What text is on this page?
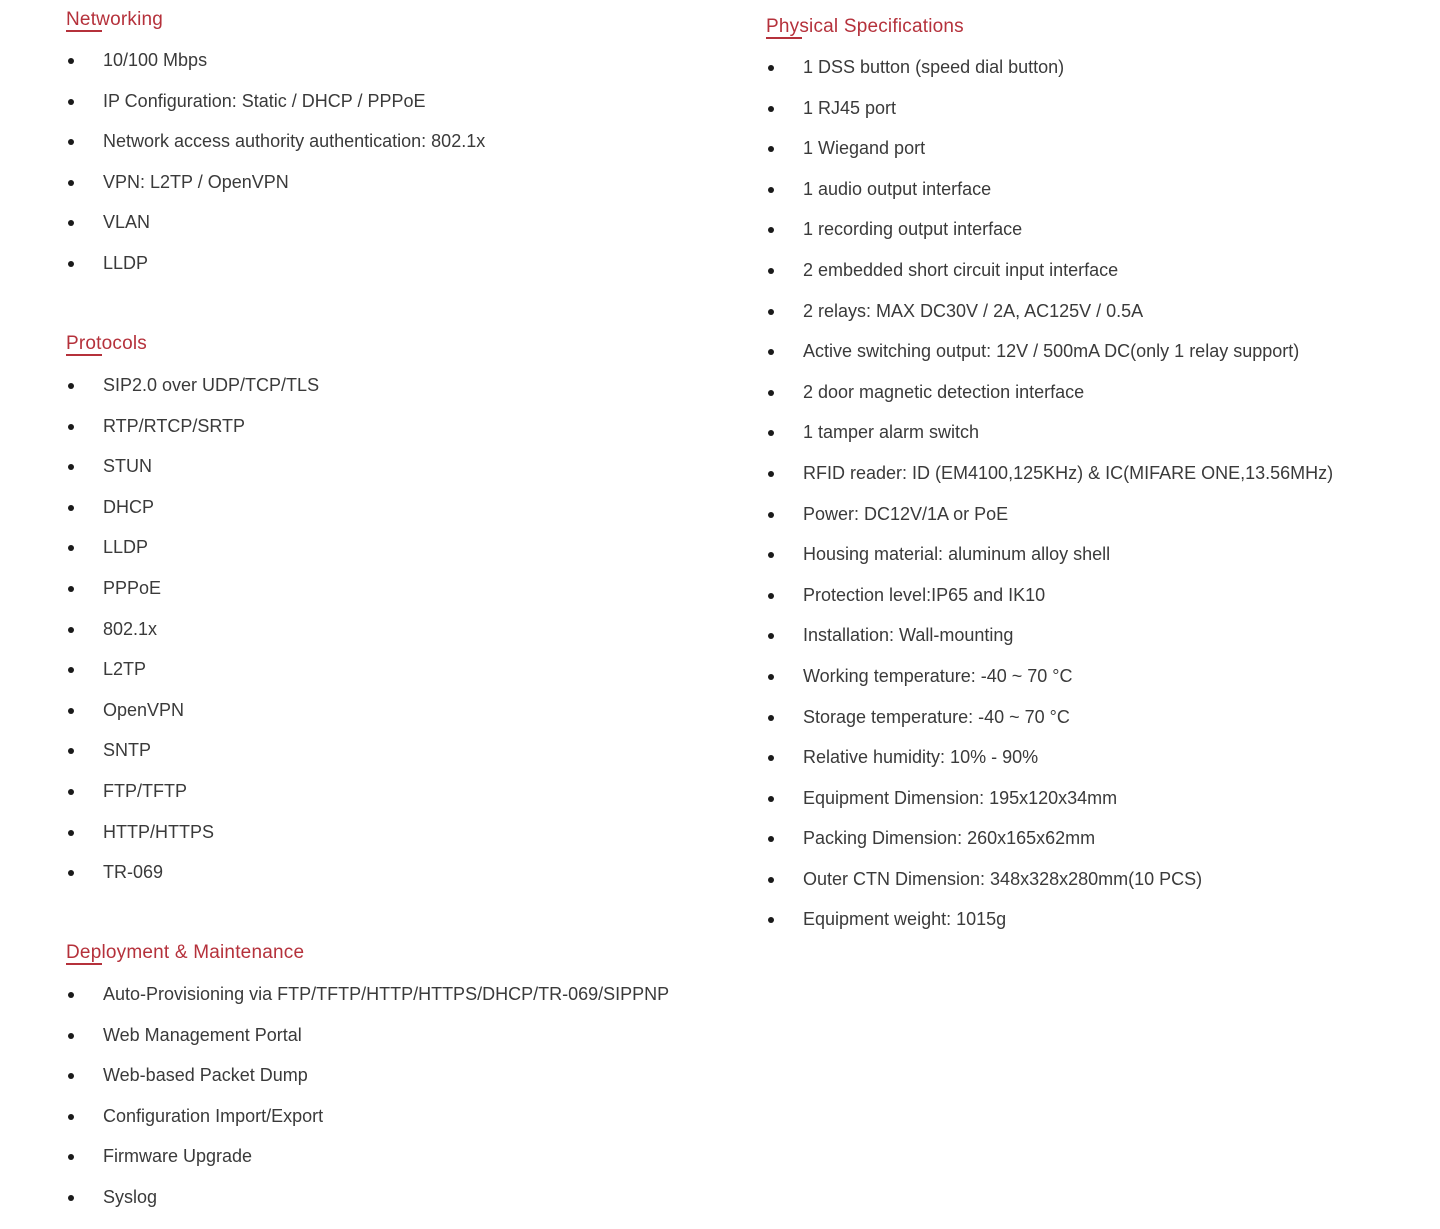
Networking
10/100 Mbps
IP Configuration: Static / DHCP / PPPoE
Network access authority authentication: 802.1x
VPN: L2TP / OpenVPN
VLAN
LLDP
Protocols
SIP2.0 over UDP/TCP/TLS
RTP/RTCP/SRTP
STUN
DHCP
LLDP
PPPoE
802.1x
L2TP
OpenVPN
SNTP
FTP/TFTP
HTTP/HTTPS
TR-069
Deployment & Maintenance
Auto-Provisioning via FTP/TFTP/HTTP/HTTPS/DHCP/TR-069/SIPPNP
Web Management Portal
Web-based Packet Dump
Configuration Import/Export
Firmware Upgrade
Syslog
Physical Specifications
1 DSS button (speed dial button)
1 RJ45 port
1 Wiegand port
1 audio output interface
1 recording output interface
2 embedded short circuit input interface
2 relays: MAX DC30V / 2A, AC125V / 0.5A
Active switching output: 12V / 500mA DC(only 1 relay support)
2 door magnetic detection interface
1 tamper alarm switch
RFID reader: ID (EM4100,125KHz) & IC(MIFARE ONE,13.56MHz)
Power: DC12V/1A or PoE
Housing material: aluminum alloy shell
Protection level:IP65 and IK10
Installation: Wall-mounting
Working temperature: -40 ~ 70 °C
Storage temperature: -40 ~ 70 °C
Relative humidity: 10% - 90%
Equipment Dimension: 195x120x34mm
Packing Dimension: 260x165x62mm
Outer CTN Dimension: 348x328x280mm(10 PCS)
Equipment weight: 1015g
